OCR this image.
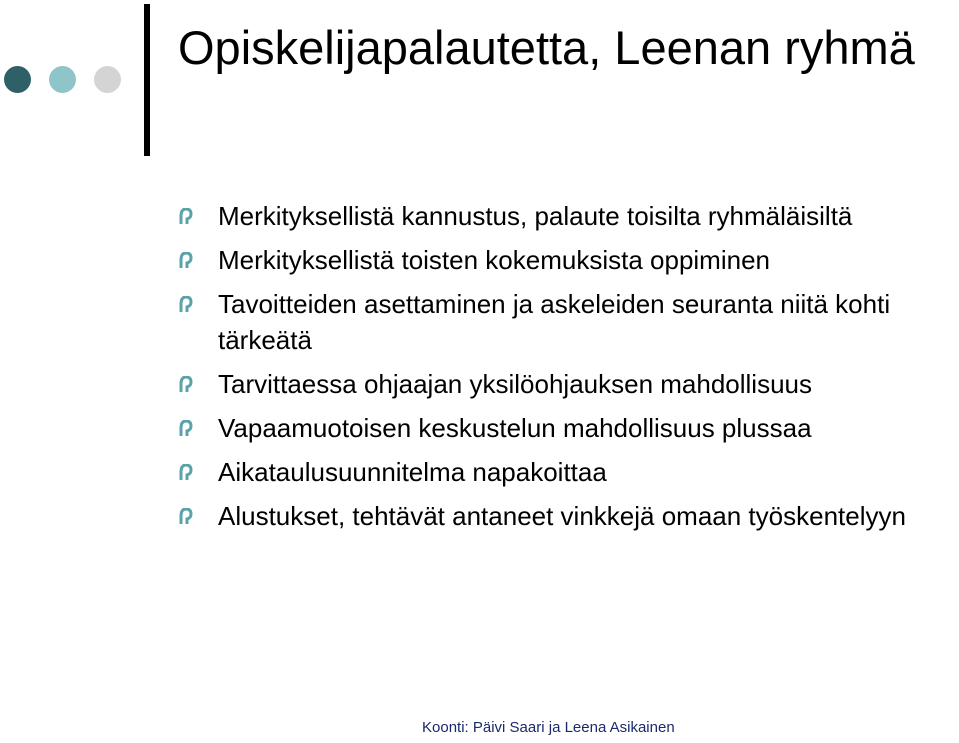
Opiskelijapalautetta, Leenan ryhmä
Merkityksellistä kannustus, palaute toisilta ryhmäläisiltä
Merkityksellistä toisten kokemuksista oppiminen
Tavoitteiden asettaminen ja askeleiden seuranta niitä kohti tärkeätä
Tarvittaessa ohjaajan yksilöohjauksen mahdollisuus
Vapaamuotoisen keskustelun mahdollisuus plussaa
Aikataulusuunnitelma napakoittaa
Alustukset, tehtävät antaneet vinkkejä omaan työskentelyyn
Koonti: Päivi Saari ja Leena Asikainen
